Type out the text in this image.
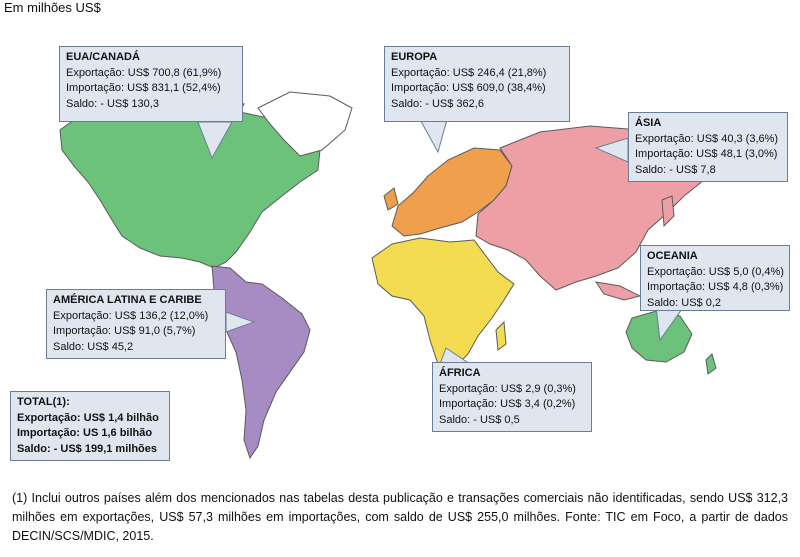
Em milhões US$
EUA/CANADÁ
Exportação: US$ 700,8 (61,9%)
Importação: US$ 831,1 (52,4%)
Saldo: - US$ 130,3
EUROPA
Exportação: US$ 246,4 (21,8%)
Importação: US$ 609,0 (38,4%)
Saldo: - US$ 362,6
ÁSIA
Exportação: US$ 40,3 (3,6%)
Importação: US$ 48,1 (3,0%)
Saldo: - US$ 7,8
OCEANIA
Exportação: US$ 5,0 (0,4%)
Importação: US$ 4,8 (0,3%)
Saldo: US$ 0,2
AMÉRICA LATINA E CARIBE
Exportação: US$ 136,2 (12,0%)
Importação: US$ 91,0 (5,7%)
Saldo: US$ 45,2
ÁFRICA
Exportação: US$ 2,9 (0,3%)
Importação: US$ 3,4 (0,2%)
Saldo: - US$ 0,5
TOTAL(1):
Exportação: US$ 1,4 bilhão
Importação: US 1,6 bilhão
Saldo: - US$ 199,1 milhões
(1) Inclui outros países além dos mencionados nas tabelas desta publicação e transações comerciais não identificadas, sendo US$ 312,3 milhões em exportações, US$ 57,3 milhões em importações, com saldo de US$ 255,0 milhões. Fonte: TIC em Foco, a partir de dados DECIN/SCS/MDIC, 2015.
